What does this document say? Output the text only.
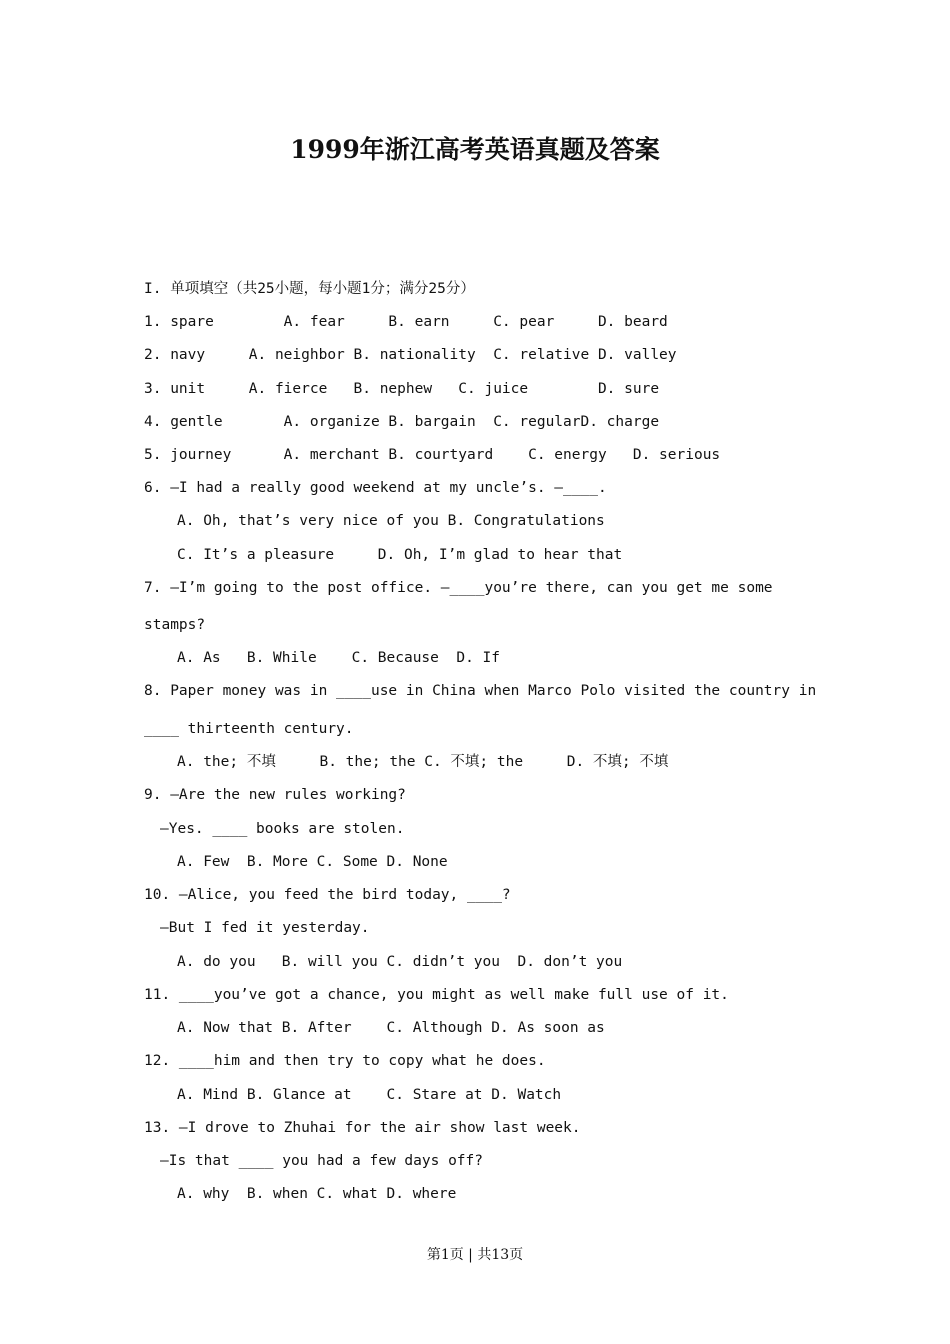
1999年浙江高考英语真题及答案
I. 单项填空（共25小题，每小题1分；满分25分）
1. spare        A. fear     B. earn     C. pear     D. beard
2. navy     A. neighbor B. nationality  C. relative D. valley
3. unit     A. fierce   B. nephew   C. juice        D. sure
4. gentle       A. organize B. bargain  C. regularD. charge
5. journey      A. merchant B. courtyard    C. energy   D. serious
6. —I had a really good weekend at my uncle’s. —____.
A. Oh, that’s very nice of you B. Congratulations
C. It’s a pleasure     D. Oh, I’m glad to hear that
7. —I’m going to the post office. —____you’re there, can you get me some
stamps?
A. As   B. While    C. Because  D. If
8. Paper money was in ____use in China when Marco Polo visited the country in
____ thirteenth century.
A. the; 不填     B. the; the C. 不填; the     D. 不填; 不填
9. —Are the new rules working?
—Yes. ____ books are stolen.
A. Few  B. More C. Some D. None
10. —Alice, you feed the bird today, ____?
—But I fed it yesterday.
A. do you   B. will you C. didn’t you  D. don’t you
11. ____you’ve got a chance, you might as well make full use of it.
A. Now that B. After    C. Although D. As soon as
12. ____him and then try to copy what he does.
A. Mind B. Glance at    C. Stare at D. Watch
13. —I drove to Zhuhai for the air show last week.
—Is that ____ you had a few days off?
A. why  B. when C. what D. where
第1页 | 共13页
